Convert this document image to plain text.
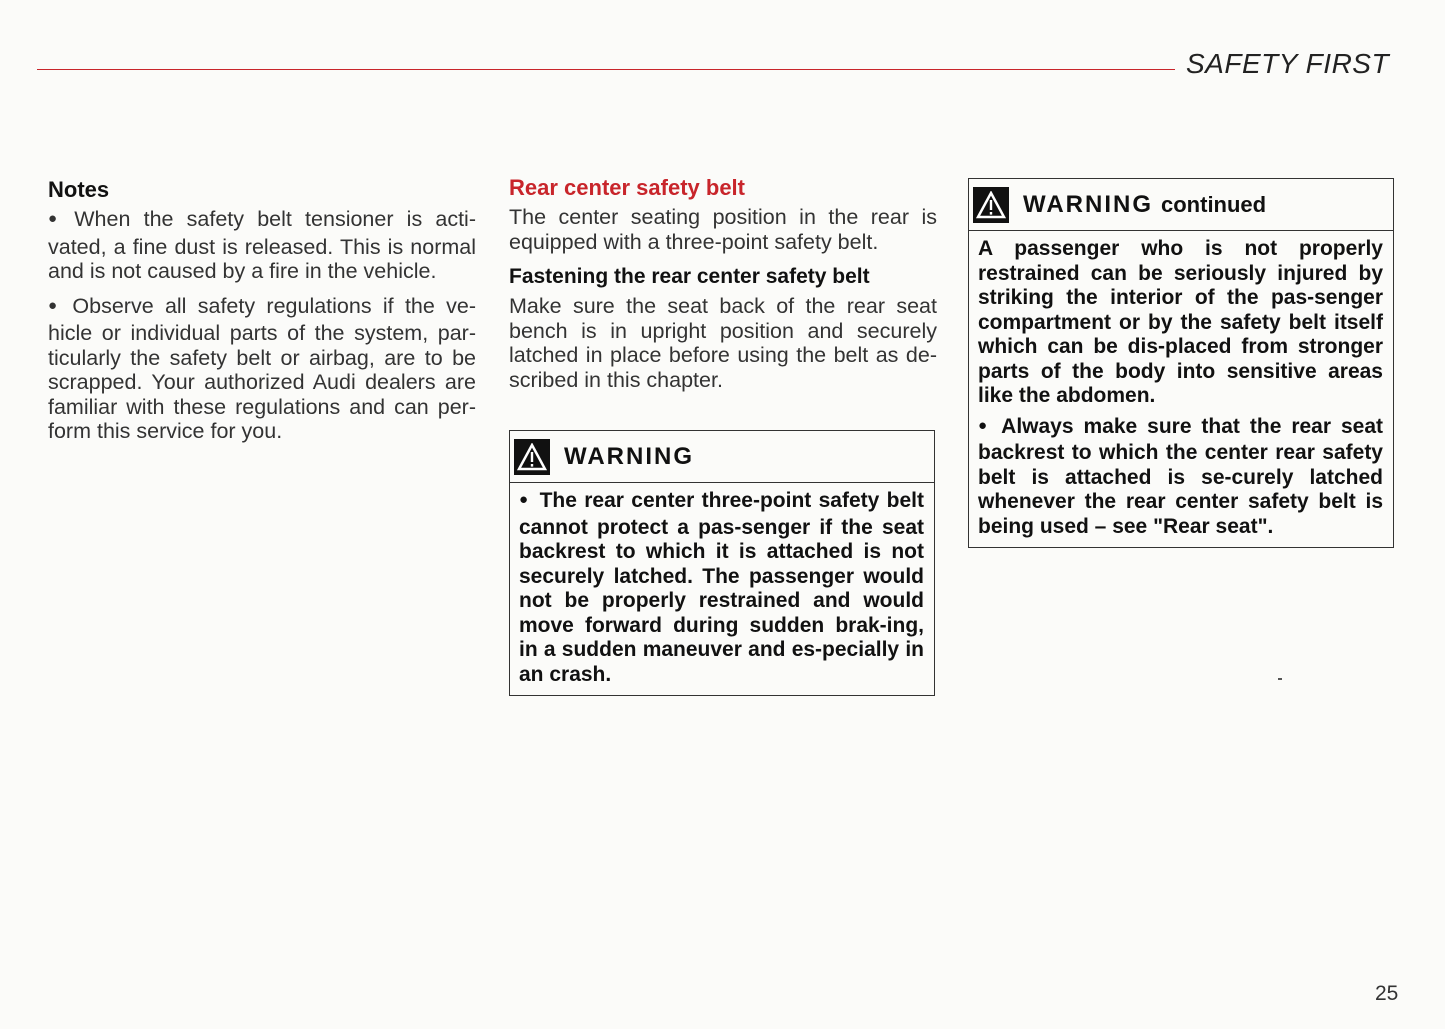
SAFETY FIRST
Notes

● When the safety belt tensioner is acti-vated, a fine dust is released. This is normal and is not caused by a fire in the vehicle.

● Observe all safety regulations if the ve-hicle or individual parts of the system, par-ticularly the safety belt or airbag, are to be scrapped. Your authorized Audi dealers are familiar with these regulations and can per-form this service for you.

Rear center safety belt

The center seating position in the rear is equipped with a three-point safety belt.

Fastening the rear center safety belt

Make sure the seat back of the rear seat bench is in upright position and securely latched in place before using the belt as de-scribed in this chapter.

WARNING

● The rear center three-point safety belt cannot protect a pas-senger if the seat backrest to which it is attached is not securely latched. The passenger would not be properly restrained and would move forward during sudden brak-ing, in a sudden maneuver and es-pecially in an crash.

WARNING continued

A passenger who is not properly restrained can be seriously injured by striking the interior of the pas-senger compartment or by the safety belt itself which can be dis-placed from stronger parts of the body into sensitive areas like the abdomen.

● Always make sure that the rear seat backrest to which the center rear safety belt is attached is se-curely latched whenever the rear center safety belt is being used – see "Rear seat".

25
